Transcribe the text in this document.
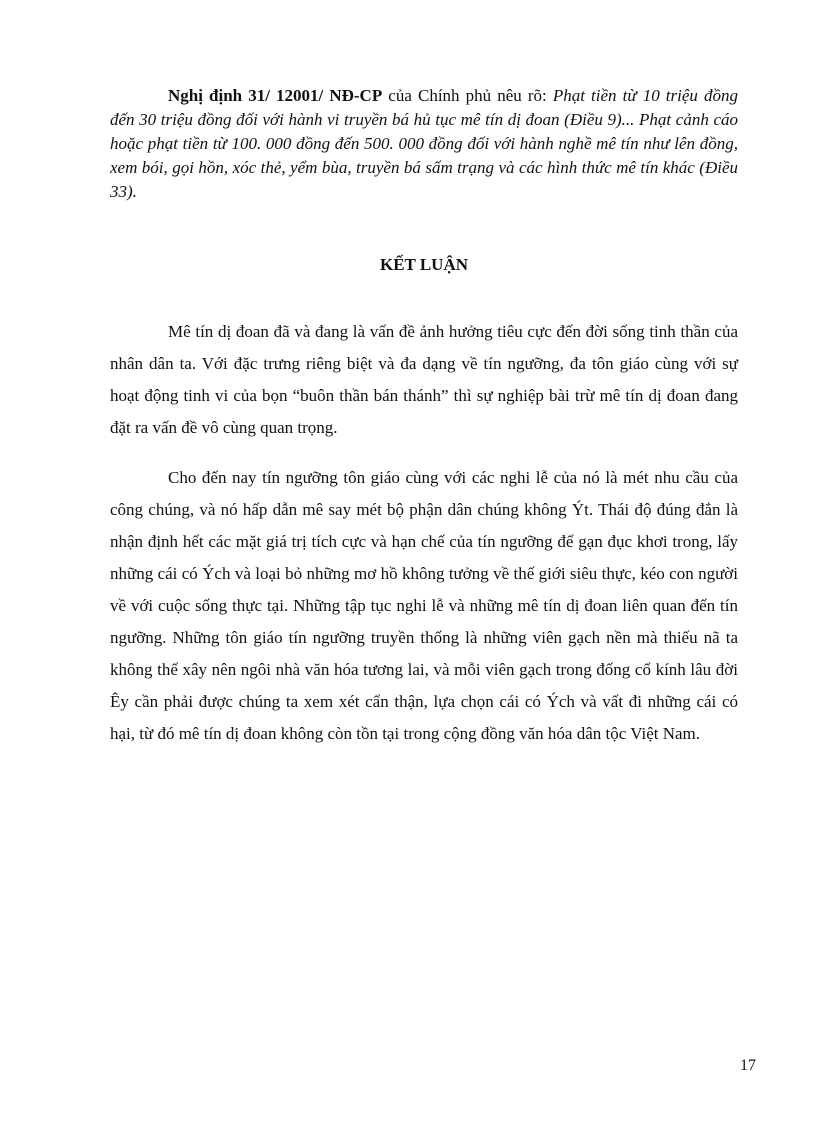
Nghị định 31/ 12001/ NĐ-CP của Chính phủ nêu rõ: Phạt tiền từ 10 triệu đồng đến 30 triệu đồng đối với hành vi truyền bá hủ tục mê tín dị đoan (Điều 9)... Phạt cảnh cáo hoặc phạt tiền từ 100. 000 đồng đến 500. 000 đồng đối với hành nghề mê tín như lên đồng, xem bói, gọi hồn, xóc thẻ, yểm bùa, truyền bá sấm trạng và các hình thức mê tín khác (Điều 33).

KẾT LUẬN

Mê tín dị đoan đã và đang là vấn đề ảnh hưởng tiêu cực đến đời sống tinh thần của nhân dân ta. Với đặc trưng riêng biệt và đa dạng về tín ngưỡng, đa tôn giáo cùng với sự hoạt động tinh vi của bọn “buôn thần bán thánh” thì sự nghiệp bài trừ mê tín dị đoan đang đặt ra vấn đề vô cùng quan trọng.

Cho đến nay tín ngưỡng tôn giáo cùng với các nghi lễ của nó là mét nhu cầu của công chúng, và nó hấp dẫn mê say mét bộ phận dân chúng không Ýt. Thái độ đúng đắn là nhận định hết các mặt giá trị tích cực và hạn chế của tín ngưỡng để gạn đục khơi trong, lấy những cái có Ých và loại bỏ những mơ hồ không tưởng về thế giới siêu thực, kéo con người về với cuộc sống thực tại. Những tập tục nghi lễ và những mê tín dị đoan liên quan đến tín ngưỡng. Những tôn giáo tín ngưỡng truyền thống là những viên gạch nền mà thiếu nã ta không thể xây nên ngôi nhà văn hóa tương lai, và mỗi viên gạch trong đống cổ kính lâu đời Êy cần phải được chúng ta xem xét cẩn thận, lựa chọn cái có Ých và vất đi những cái có hại, từ đó mê tín dị đoan không còn tồn tại trong cộng đồng văn hóa dân tộc Việt Nam.

17
